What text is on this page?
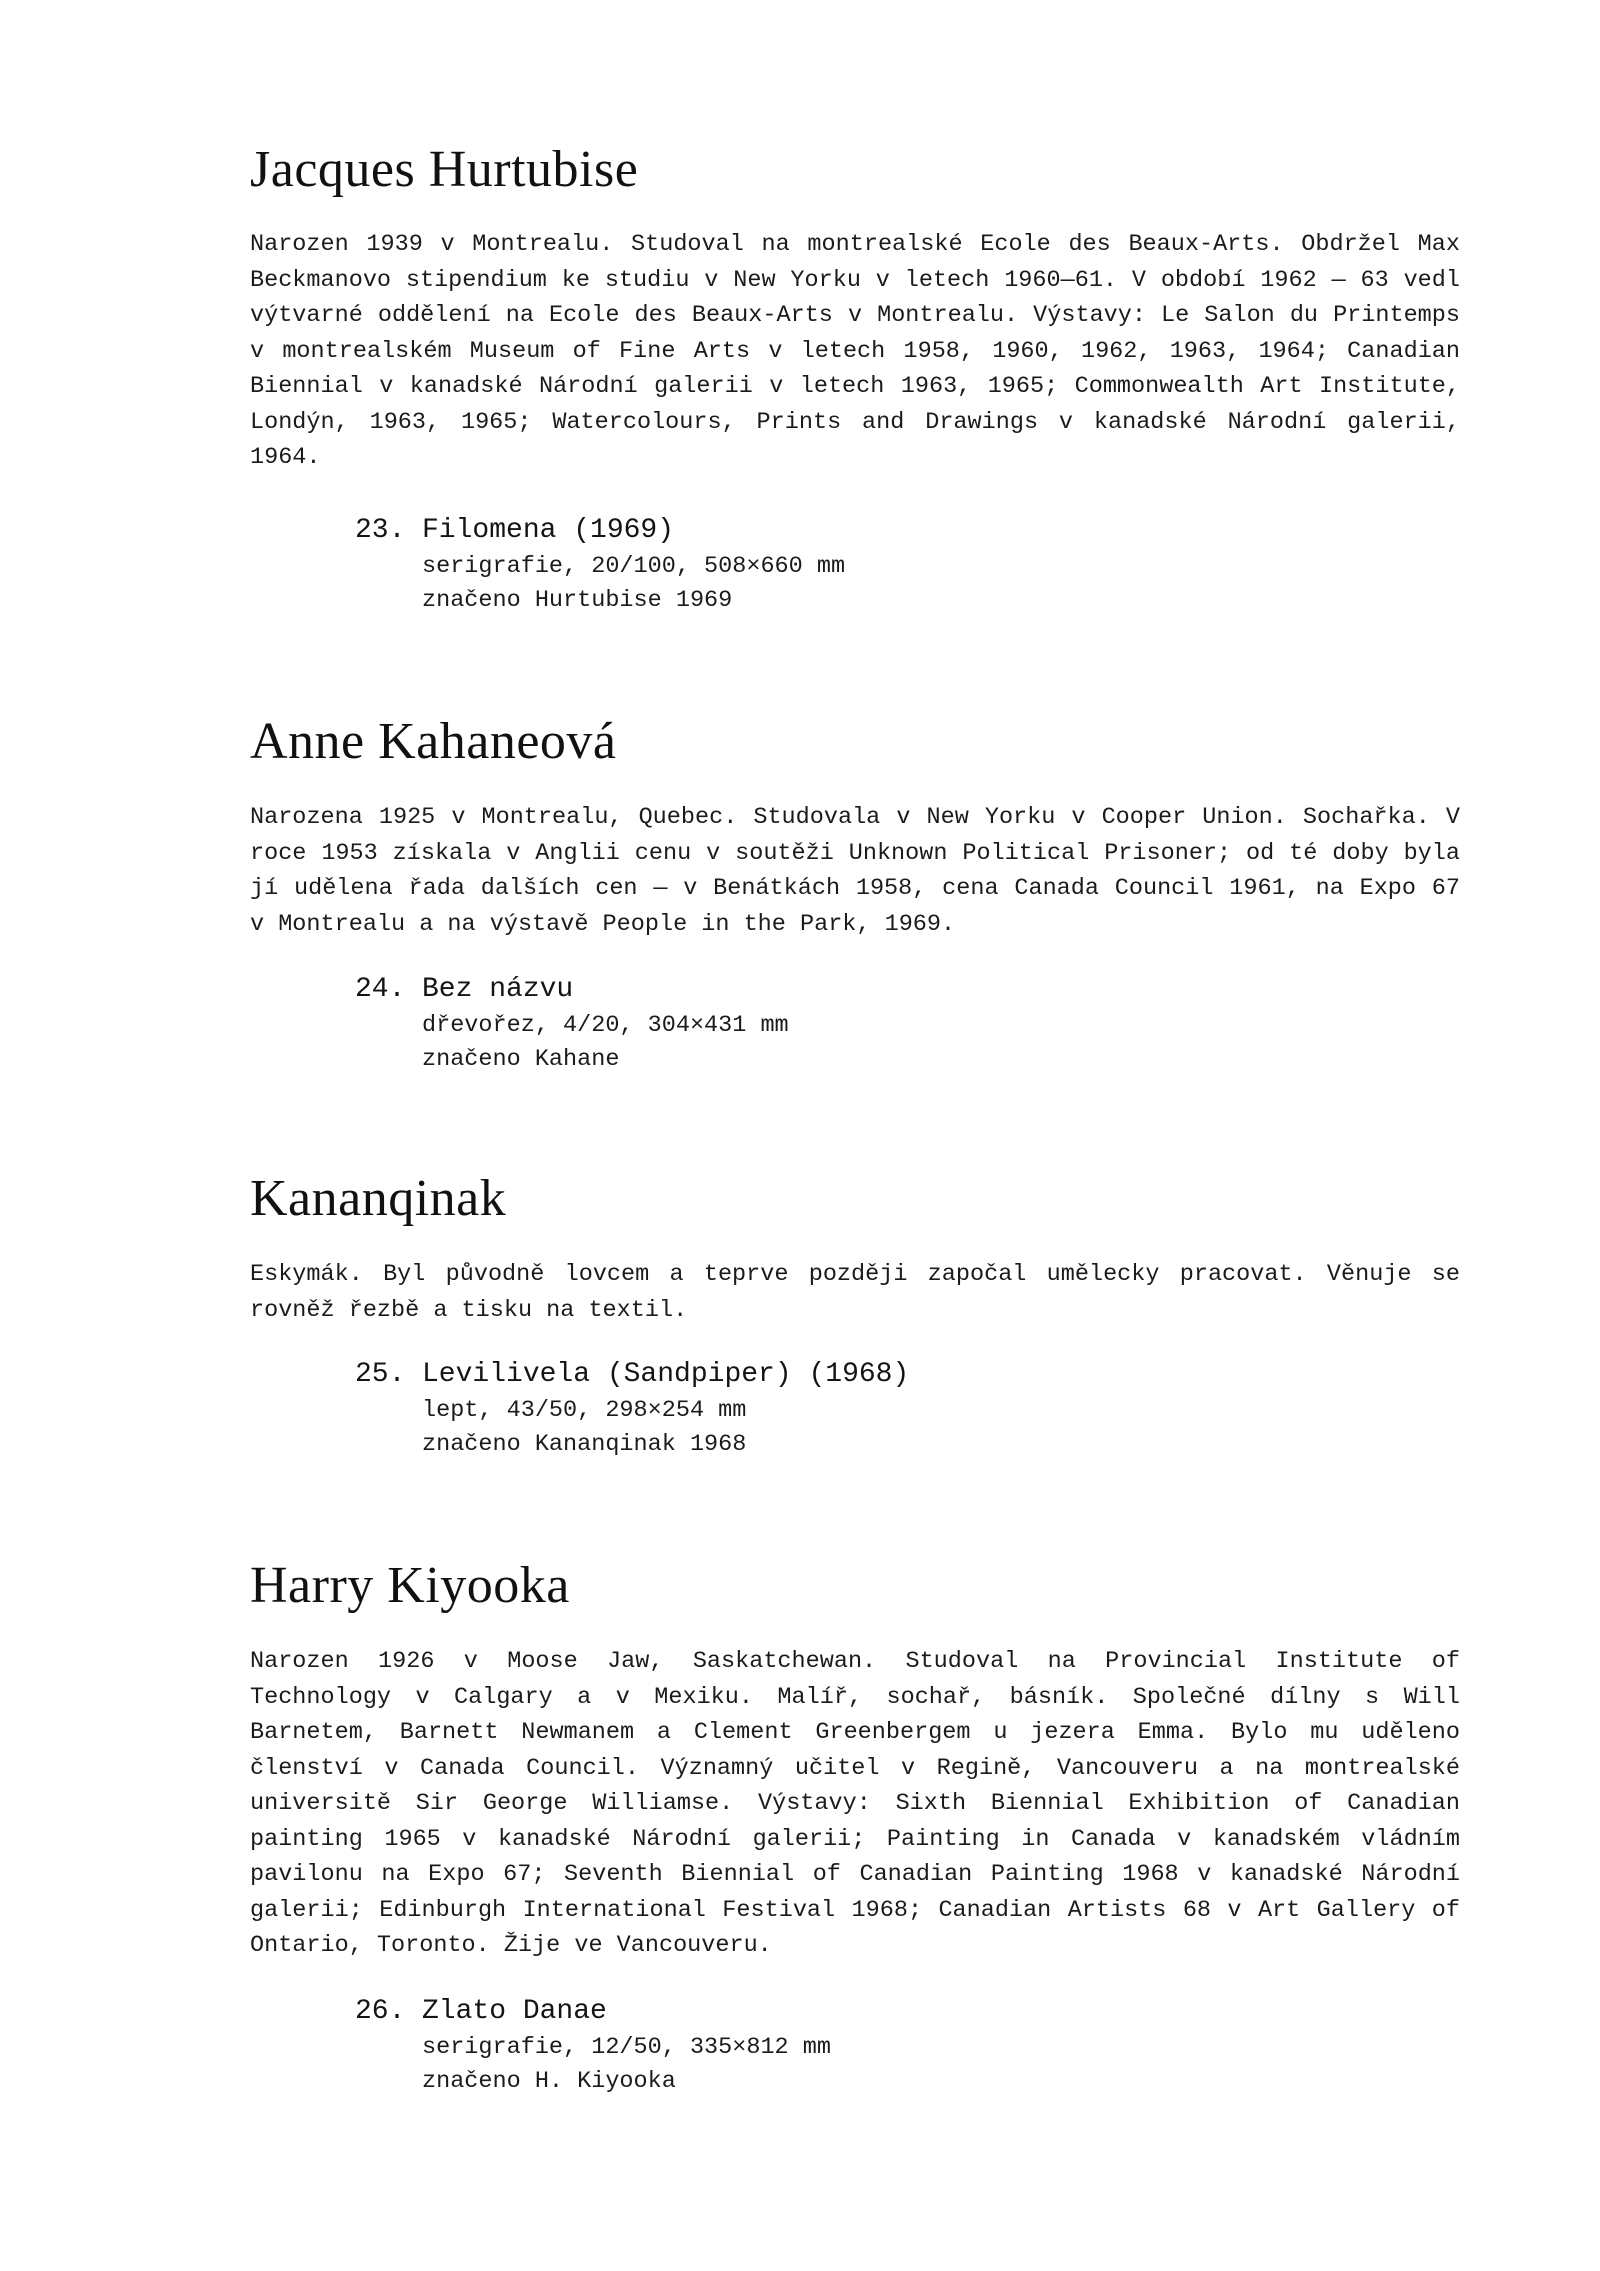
Jacques Hurtubise

Narozen 1939 v Montrealu. Studoval na montrealské Ecole des Beaux-Arts. Obdržel Max Beckmanovo stipendium ke studiu v New Yorku v letech 1960—61. V období 1962 — 63 vedl výtvarné oddělení na Ecole des Beaux-Arts v Montrealu. Výstavy: Le Salon du Printemps v montrealském Museum of Fine Arts v letech 1958, 1960, 1962, 1963, 1964; Canadian Biennial v kanadské Národní galerii v letech 1963, 1965; Commonwealth Art Institute, Londýn, 1963, 1965; Watercolours, Prints and Drawings v kanadské Národní galerii, 1964.

23. Filomena (1969)
serigrafie, 20/100, 508×660 mm
značeno Hurtubise 1969
Anne Kahaneová

Narozena 1925 v Montrealu, Quebec. Studovala v New Yorku v Cooper Union. Sochařka. V roce 1953 získala v Anglii cenu v soutěži Unknown Political Prisoner; od té doby byla jí udělena řada dalších cen — v Benátkách 1958, cena Canada Council 1961, na Expo 67 v Montrealu a na výstavě People in the Park, 1969.

24. Bez názvu
dřevořez, 4/20, 304×431 mm
značeno Kahane
Kananqinak

Eskymák. Byl původně lovcem a teprve později započal umělecky pracovat. Věnuje se rovněž řezbě a tisku na textil.

25. Levilivela (Sandpiper) (1968)
lept, 43/50, 298×254 mm
značeno Kananqinak 1968
Harry Kiyooka

Narozen 1926 v Moose Jaw, Saskatchewan. Studoval na Provincial Institute of Technology v Calgary a v Mexiku. Malíř, sochař, básník. Společné dílny s Will Barnetem, Barnett Newmanem a Clement Greenbergem u jezera Emma. Bylo mu uděleno členství v Canada Council. Významný učitel v Regině, Vancouveru a na montrealské universitě Sir George Williamse. Výstavy: Sixth Biennial Exhibition of Canadian painting 1965 v kanadské Národní galerii; Painting in Canada v kanadském vládním pavilonu na Expo 67; Seventh Biennial of Canadian Painting 1968 v kanadské Národní galerii; Edinburgh International Festival 1968; Canadian Artists 68 v Art Gallery of Ontario, Toronto. Žije ve Vancouveru.

26. Zlato Danae
serigrafie, 12/50, 335×812 mm
značeno H. Kiyooka
